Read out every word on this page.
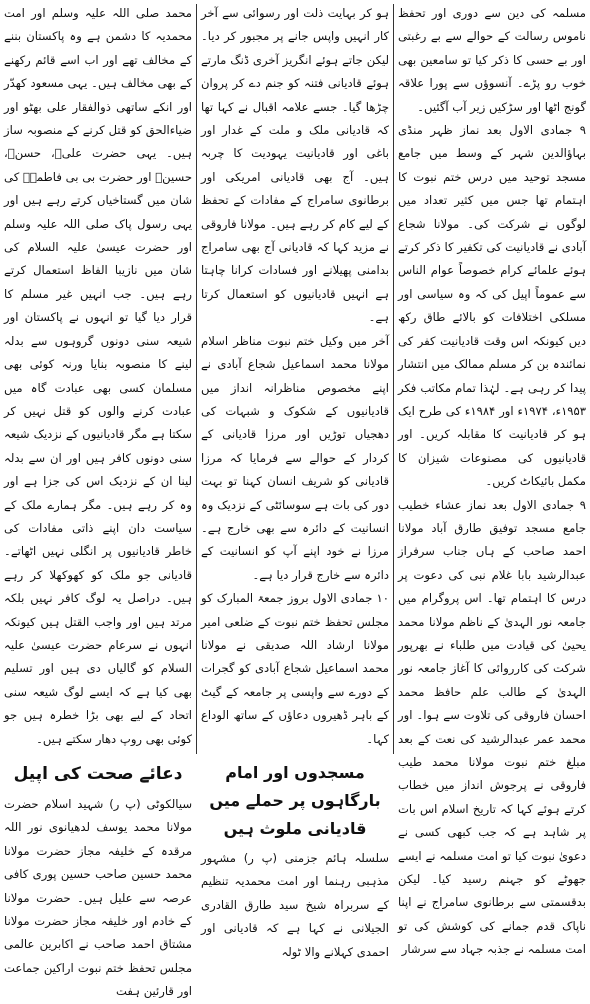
مسلمہ کی دین سے دوری اور تحفظ ناموس رسالت کے حوالے سے بے رغبتی اور بے حسی کا ذکر کیا تو سامعین بھی خوب رو پڑے۔ آنسوؤں سے پورا علاقہ گونج اٹھا اور سڑکیں زیر آب آگئیں۔

۹ جمادی الاول بعد نماز ظہر منڈی بہاؤالدین شہر کے وسط میں جامع مسجد توحید میں درس ختم نبوت کا اہتمام تھا جس میں کثیر تعداد میں لوگوں نے شرکت کی۔ مولانا شجاع آبادی نے قادیانیت کی تکفیر کا ذکر کرتے ہوئے علمائے کرام خصوصاً عوام الناس سے عموماً اپیل کی کہ وہ سیاسی اور مسلکی اختلافات کو بالائے طاق رکھ دیں کیونکہ اس وقت قادیانیت کفر کی نمائندہ بن کر مسلم ممالک میں انتشار پیدا کر رہی ہے۔ لہٰذا تمام مکاتب فکر ۱۹۵۳ء، ۱۹۷۴ء اور ۱۹۸۴ء کی طرح ایک ہو کر قادیانیت کا مقابلہ کریں۔ اور قادیانیوں کی مصنوعات شیزان کا مکمل بائیکاٹ کریں۔

۹ جمادی الاول بعد نماز عشاء خطیب جامع مسجد توفیق طارق آباد مولانا احمد صاحب کے ہاں جناب سرفراز عبدالرشید بابا غلام نبی کی دعوت پر درس کا اہتمام تھا۔ اس پروگرام میں جامعہ نور الہدیٰ کے ناظم مولانا محمد یحییٰ کی قیادت میں طلباء نے بھرپور شرکت کی کارروائی کا آغاز جامعہ نور الہدیٰ کے طالب علم حافظ محمد احسان فاروقی کی تلاوت سے ہوا۔ اور محمد عمر عبدالرشید کی نعت کے بعد مبلغ ختم نبوت مولانا محمد طیب فاروقی نے پرجوش انداز میں خطاب کرتے ہوئے کہا کہ تاریخ اسلام اس بات پر شاہد ہے کہ جب کبھی کسی نے دعویٰ نبوت کیا تو امت مسلمہ نے ایسے جھوٹے کو جہنم رسید کیا۔ لیکن بدقسمتی سے برطانوی سامراج نے اپنا ناپاک قدم جمانے کی کوشش کی تو امت مسلمہ نے جذبہ جہاد سے سرشار

ہو کر بہایت ذلت اور رسوائی سے آخر کار انہیں واپس جانے پر مجبور کر دیا۔ لیکن جاتے ہوئے انگریز آخری ڈنگ مارتے ہوئے قادیانی فتنہ کو جنم دے کر پروان چڑھا گیا۔ جسے علامہ اقبال نے کہا تھا کہ قادیانی ملک و ملت کے غدار اور باغی اور قادیانیت یہودیت کا چربہ ہیں۔ آج بھی قادیانی امریکی اور برطانوی سامراج کے مفادات کے تحفظ کے لیے کام کر رہے ہیں۔ مولانا فاروقی نے مزید کہا کہ قادیانی آج بھی سامراج بدامنی پھیلانے اور فسادات کرانا چاہتا ہے انہیں قادیانیوں کو استعمال کرتا ہے۔

آخر میں وکیل ختم نبوت مناظر اسلام مولانا محمد اسماعیل شجاع آبادی نے اپنے مخصوص مناظرانہ انداز میں قادیانیوں کے شکوک و شبہات کی دھجیاں توڑیں اور مرزا قادیانی کے کردار کے حوالے سے فرمایا کہ مرزا قادیانی کو شریف انسان کہنا تو بہت دور کی بات ہے سوسائٹی کے نزدیک وہ انسانیت کے دائرہ سے بھی خارج ہے۔ مرزا نے خود اپنے آپ کو انسانیت کے دائرہ سے خارج قرار دیا ہے۔

۱۰ جمادی الاول بروز جمعۃ المبارک کو مجلس تحفظ ختم نبوت کے ضلعی امیر مولانا ارشاد اللہ صدیقی نے مولانا محمد اسماعیل شجاع آبادی کو گجرات کے دورے سے واپسی پر جامعہ کے گیٹ کے باہر ڈھیروں دعاؤں کے ساتھ الوداع کہا۔

مسجدوں اور امام بارگاہوں پر حملے میں قادیانی ملوث ہیں

سلسلہ ہائم جزمنی (پ ر) مشہور مذہبی رہنما اور امت محمدیہ تنظیم کے سربراہ شیخ سید طارق القادری الجیلانی نے کہا ہے کہ قادیانی اور احمدی کہلانے والا ٹولہ

محمد صلی اللہ علیہ وسلم اور امت محمدیہ کا دشمن ہے وہ پاکستان بننے کے مخالف تھے اور اب اسے قائم رکھنے کے بھی مخالف ہیں۔ یہی مسعود کھدّر اور انکے ساتھی ذوالفقار علی بھٹو اور ضیاءالحق کو قتل کرنے کے منصوبہ ساز ہیں۔ یہی حضرت علیؓ، حسنؓ، حسینؓ اور حضرت بی بی فاطمہؓ کی شان میں گستاخیاں کرتے رہے ہیں اور یہی رسول پاک صلی اللہ علیہ وسلم اور حضرت عیسیٰ علیہ السلام کی شان میں نازیبا الفاظ استعمال کرتے رہے ہیں۔ جب انہیں غیر مسلم کا قرار دیا گیا تو انہوں نے پاکستان اور شیعہ سنی دونوں گروہوں سے بدلہ لینے کا منصوبہ بنایا ورنہ کوئی بھی مسلمان کسی بھی عبادت گاہ میں عبادت کرنے والوں کو قتل نہیں کر سکتا ہے مگر قادیانیوں کے نزدیک شیعہ سنی دونوں کافر ہیں اور ان سے بدلہ لینا ان کے نزدیک اس کی جزا ہے اور وہ کر رہے ہیں۔ مگر ہمارے ملک کے سیاست دان اپنے ذاتی مفادات کی خاطر قادیانیوں پر انگلی نہیں اٹھاتے۔ قادیانی جو ملک کو کھوکھلا کر رہے ہیں۔ دراصل یہ لوگ کافر نہیں بلکہ مرتد ہیں اور واجب القتل ہیں کیونکہ انہوں نے سرعام حضرت عیسیٰ علیہ السلام کو گالیاں دی ہیں اور تسلیم بھی کیا ہے کہ ایسے لوگ شیعہ سنی اتحاد کے لیے بھی بڑا خطرہ ہیں جو کوئی بھی روپ دھار سکتے ہیں۔

دعائے صحت کی اپیل

سیالکوٹی (پ ر) شہید اسلام حضرت مولانا محمد یوسف لدھیانوی نور اللہ مرقدہ کے خلیفہ مجاز حضرت مولانا محمد حسین صاحب حسین پوری کافی عرصہ سے علیل ہیں۔ حضرت مولانا کے خادم اور خلیفہ مجاز حضرت مولانا مشتاق احمد صاحب نے اکابرین عالمی مجلس تحفظ ختم نبوت اراکین جماعت اور قارئین ہفت
